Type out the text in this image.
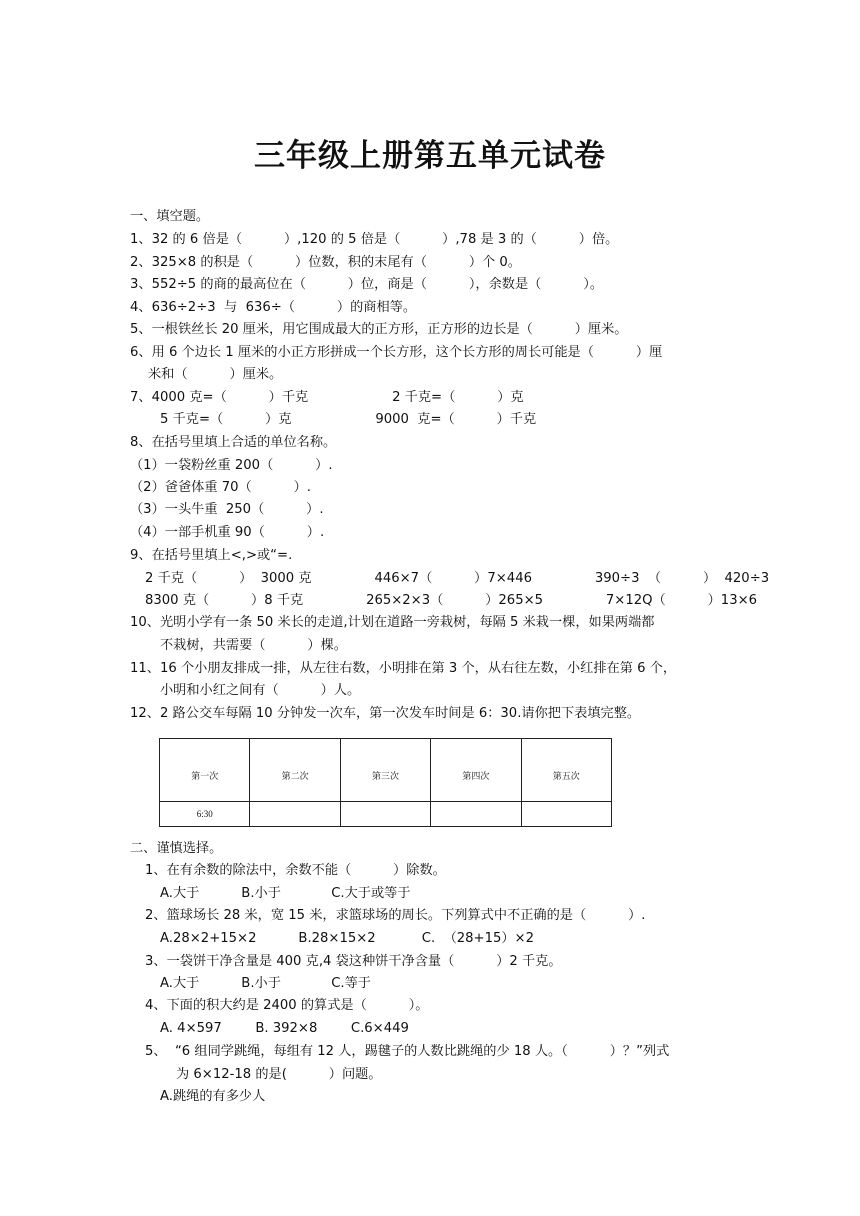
三年级上册第五单元试卷
一、填空题。
1、32 的 6 倍是（          ）,120 的 5 倍是（          ）,78 是 3 的（          ）倍。
2、325×8 的积是（          ）位数，积的末尾有（          ）个 0。
3、552÷5 的商的最高位在（          ）位，商是（          ），余数是（          ）。
4、636÷2÷3  与  636÷（          ）的商相等。
5、一根铁丝长 20 厘米，用它围成最大的正方形，正方形的边长是（          ）厘米。
6、用 6 个边长 1 厘米的小正方形拼成一个长方形，这个长方形的周长可能是（          ）厘
米和（          ）厘米。
7、4000 克=（          ）千克                    2 千克=（          ）克
5 千克=（          ）克                    9000  克=（          ）千克
8、在括号里填上合适的单位名称。
（1）一袋粉丝重 200（          ）.
（2）爸爸体重 70（          ）.
（3）一头牛重  250（          ）.
（4）一部手机重 90（          ）.
9、在括号里填上<,>或“=.
2 千克（          ）  3000 克               446×7（          ）7×446               390÷3  （          ）  420÷3
8300 克（          ）8 千克               265×2×3（          ）265×5               7×12Q（          ）13×6
10、光明小学有一条 50 米长的走道,计划在道路一旁栽树，每隔 5 米栽一棵，如果两端都
不栽树，共需要（          ）棵。
11、16 个小朋友排成一排，从左往右数，小明排在第 3 个，从右往左数，小红排在第 6 个，
小明和小红之间有（          ）人。
12、2 路公交车每隔 10 分钟发一次车，第一次发车时间是 6：30.请你把下表填完整。
二、谨慎选择。
1、在有余数的除法中，余数不能（          ）除数。
A.大于          B.小于            C.大于或等于
2、篮球场长 28 米，宽 15 米，求篮球场的周长。下列算式中不正确的是（          ）.
A.28×2+15×2          B.28×15×2           C.  （28+15）×2
3、一袋饼干净含量是 400 克,4 袋这种饼干净含量（          ）2 千克。
A.大于          B.小于            C.等于
4、下面的积大约是 2400 的算式是（          ）。
A. 4×597        B. 392×8        C.6×449
5、  “6 组同学跳绳，每组有 12 人，踢毽子的人数比跳绳的少 18 人。（          ）？”列式
为 6×12-18 的是(          ）问题。
A.跳绳的有多少人
第一次	第二次	第三次	第四次	第五次
6:30				
